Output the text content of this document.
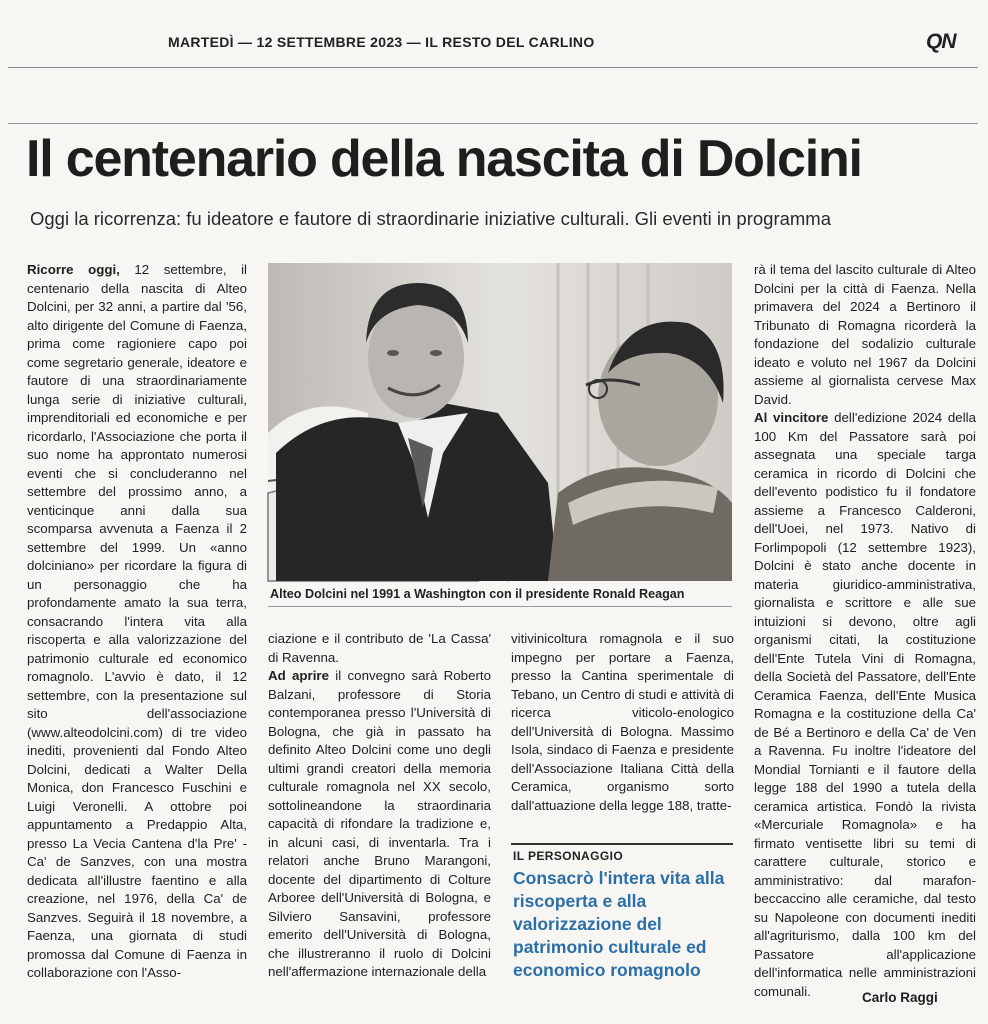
MARTEDÌ — 12 SETTEMBRE 2023 — IL RESTO DEL CARLINO	QN
Il centenario della nascita di Dolcini
Oggi la ricorrenza: fu ideatore e fautore di straordinarie iniziative culturali. Gli eventi in programma

Ricorre oggi, 12 settembre, il centenario della nascita di Alteo Dolcini, per 32 anni, a partire dal '56, alto dirigente del Comune di Faenza, prima come ragioniere capo poi come segretario generale, ideatore e fautore di una straordinariamente lunga serie di iniziative culturali, imprenditoriali ed economiche e per ricordarlo, l'Associazione che porta il suo nome ha approntato numerosi eventi che si concluderanno nel settembre del prossimo anno, a venticinque anni dalla sua scomparsa avvenuta a Faenza il 2 settembre del 1999. Un «anno dolciniano» per ricordare la figura di un personaggio che ha profondamente amato la sua terra, consacrando l'intera vita alla riscoperta e alla valorizzazione del patrimonio culturale ed economico romagnolo. L'avvio è dato, il 12 settembre, con la presentazione sul sito dell'associazione (www.alteodolcini.com) di tre video inediti, provenienti dal Fondo Alteo Dolcini, dedicati a Walter Della Monica, don Francesco Fuschini e Luigi Veronelli. A ottobre poi appuntamento a Predappio Alta, presso La Vecia Cantena d'la Pre' - Ca' de Sanzves, con una mostra dedicata all'illustre faentino e alla creazione, nel 1976, della Ca' de Sanzves. Seguirà il 18 novembre, a Faenza, una giornata di studi promossa dal Comune di Faenza in collaborazione con l'Asso-

Alteo Dolcini nel 1991 a Washington con il presidente Ronald Reagan

ciazione e il contributo de 'La Cassa' di Ravenna.

Ad aprire il convegno sarà Roberto Balzani, professore di Storia contemporanea presso l'Università di Bologna, che già in passato ha definito Alteo Dolcini come uno degli ultimi grandi creatori della memoria culturale romagnola nel XX secolo, sottolineandone la straordinaria capacità di rifondare la tradizione e, in alcuni casi, di inventarla. Tra i relatori anche Bruno Marangoni, docente del dipartimento di Colture Arboree dell'Università di Bologna, e Silviero Sansavini, professore emerito dell'Università di Bologna, che illustreranno il ruolo di Dolcini nell'affermazione internazionale della

vitivinicoltura romagnola e il suo impegno per portare a Faenza, presso la Cantina sperimentale di Tebano, un Centro di studi e attività di ricerca viticolo-enologico dell'Università di Bologna. Massimo Isola, sindaco di Faenza e presidente dell'Associazione Italiana Città della Ceramica, organismo sorto dall'attuazione della legge 188, tratte-

IL PERSONAGGIO
Consacrò l'intera vita alla riscoperta e alla valorizzazione del patrimonio culturale ed economico romagnolo

rà il tema del lascito culturale di Alteo Dolcini per la città di Faenza. Nella primavera del 2024 a Bertinoro il Tribunato di Romagna ricorderà la fondazione del sodalizio culturale ideato e voluto nel 1967 da Dolcini assieme al giornalista cervese Max David.

Al vincitore dell'edizione 2024 della 100 Km del Passatore sarà poi assegnata una speciale targa ceramica in ricordo di Dolcini che dell'evento podistico fu il fondatore assieme a Francesco Calderoni, dell'Uoei, nel 1973. Nativo di Forlimpopoli (12 settembre 1923), Dolcini è stato anche docente in materia giuridico-amministrativa, giornalista e scrittore e alle sue intuizioni si devono, oltre agli organismi citati, la costituzione dell'Ente Tutela Vini di Romagna, della Società del Passatore, dell'Ente Ceramica Faenza, dell'Ente Musica Romagna e la costituzione della Ca' de Bé a Bertinoro e della Ca' de Ven a Ravenna. Fu inoltre l'ideatore del Mondial Tornianti e il fautore della legge 188 del 1990 a tutela della ceramica artistica. Fondò la rivista «Mercuriale Romagnola» e ha firmato ventisette libri su temi di carattere culturale, storico e amministrativo: dal marafon-beccaccino alle ceramiche, dal testo su Napoleone con documenti inediti all'agriturismo, dalla 100 km del Passatore all'applicazione dell'informatica nelle amministrazioni comunali.	Carlo Raggi
